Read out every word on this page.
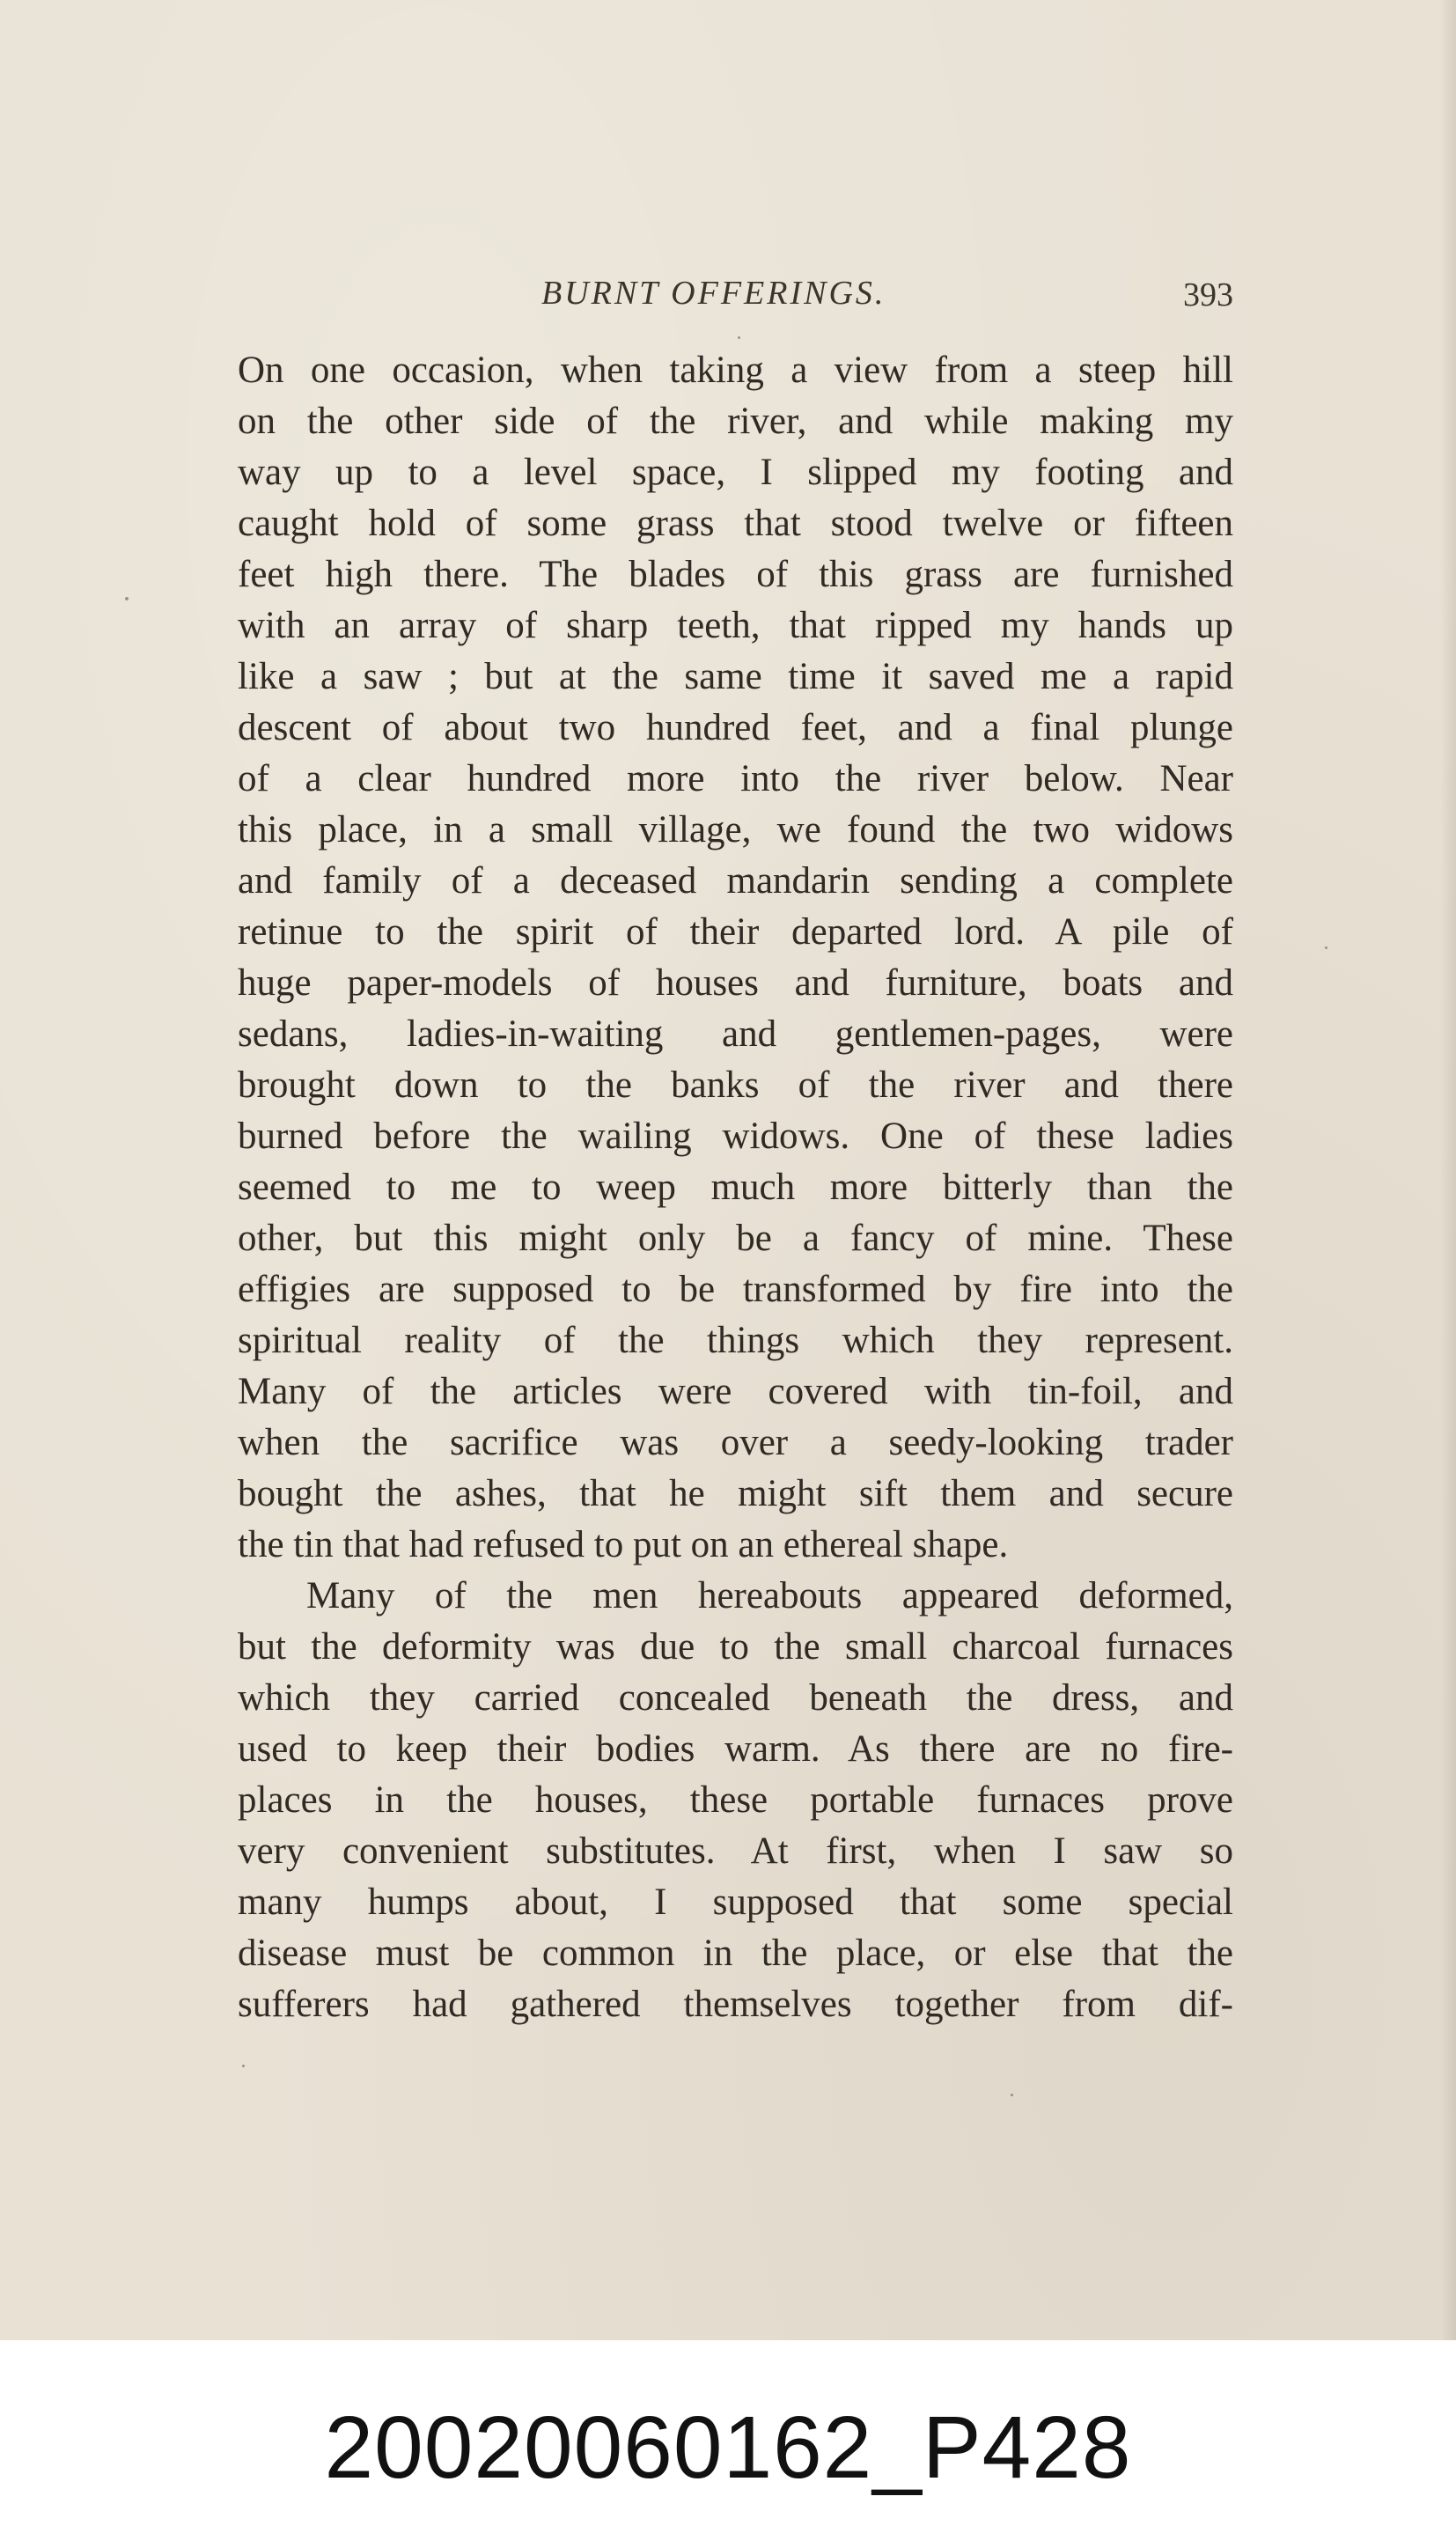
BURNT OFFERINGS.	393
On one occasion, when taking a view from a steep hill
on the other side of the river, and while making my
way up to a level space, I slipped my footing and
caught hold of some grass that stood twelve or fifteen
feet high there. The blades of this grass are furnished
with an array of sharp teeth, that ripped my hands up
like a saw ; but at the same time it saved me a rapid
descent of about two hundred feet, and a final plunge
of a clear hundred more into the river below. Near
this place, in a small village, we found the two widows
and family of a deceased mandarin sending a complete
retinue to the spirit of their departed lord. A pile of
huge paper-models of houses and furniture, boats and
sedans, ladies-in-waiting and gentlemen-pages, were
brought down to the banks of the river and there
burned before the wailing widows. One of these ladies
seemed to me to weep much more bitterly than the
other, but this might only be a fancy of mine. These
effigies are supposed to be transformed by fire into the
spiritual reality of the things which they represent.
Many of the articles were covered with tin-foil, and
when the sacrifice was over a seedy-looking trader
bought the ashes, that he might sift them and secure
the tin that had refused to put on an ethereal shape.
Many of the men hereabouts appeared deformed,
but the deformity was due to the small charcoal furnaces
which they carried concealed beneath the dress, and
used to keep their bodies warm. As there are no fire-
places in the houses, these portable furnaces prove
very convenient substitutes. At first, when I saw so
many humps about, I supposed that some special
disease must be common in the place, or else that the
sufferers had gathered themselves together from dif-
20020060162_P428
